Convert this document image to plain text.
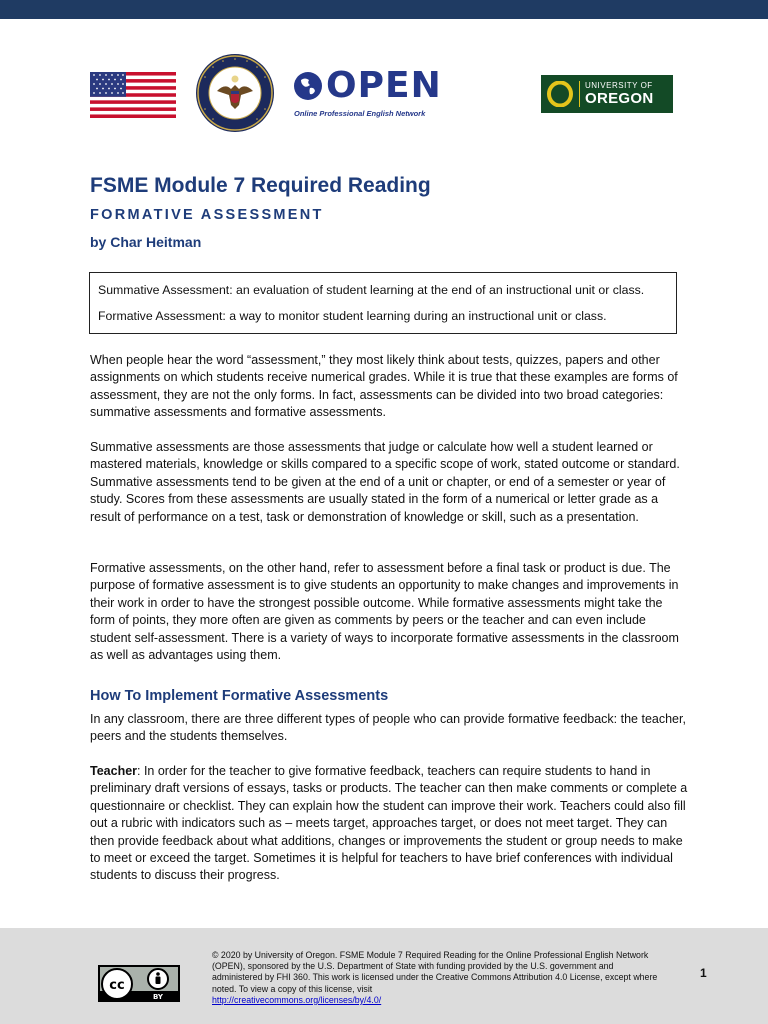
OPEN
Online Professional English Network
UNIVERSITY OF
OREGON
FSME Module 7 Required Reading
FORMATIVE ASSESSMENT
by Char Heitman
Summative Assessment: an evaluation of student learning at the end of an instructional unit or class.
Formative Assessment: a way to monitor student learning during an instructional unit or class.

When people hear the word “assessment,” they most likely think about tests, quizzes, papers and other assignments on which students receive numerical grades. While it is true that these examples are forms of assessment, they are not the only forms. In fact, assessments can be divided into two broad categories: summative assessments and formative assessments.

Summative assessments are those assessments that judge or calculate how well a student learned or mastered materials, knowledge or skills compared to a specific scope of work, stated outcome or standard. Summative assessments tend to be given at the end of a unit or chapter, or end of a semester or year of study. Scores from these assessments are usually stated in the form of a numerical or letter grade as a result of performance on a test, task or demonstration of knowledge or skill, such as a presentation.

Formative assessments, on the other hand, refer to assessment before a final task or product is due. The purpose of formative assessment is to give students an opportunity to make changes and improvements in their work in order to have the strongest possible outcome. While formative assessments might take the form of points, they more often are given as comments by peers or the teacher and can even include student self-assessment. There is a variety of ways to incorporate formative assessments in the classroom as well as advantages using them.

How To Implement Formative Assessments

In any classroom, there are three different types of people who can provide formative feedback: the teacher, peers and the students themselves.

Teacher: In order for the teacher to give formative feedback, teachers can require students to hand in preliminary draft versions of essays, tasks or products. The teacher can then make comments or complete a questionnaire or checklist. They can explain how the student can improve their work. Teachers could also fill out a rubric with indicators such as – meets target, approaches target, or does not meet target. They can then provide feedback about what additions, changes or improvements the student or group needs to make to meet or exceed the target. Sometimes it is helpful for teachers to have brief conferences with individual students to discuss their progress.

cc
BY

© 2020 by University of Oregon. FSME Module 7 Required Reading for the Online Professional English Network (OPEN), sponsored by the U.S. Department of State with funding provided by the U.S. government and administered by FHI 360. This work is licensed under the Creative Commons Attribution 4.0 License, except where noted. To view a copy of this license, visit
http://creativecommons.org/licenses/by/4.0/

1
